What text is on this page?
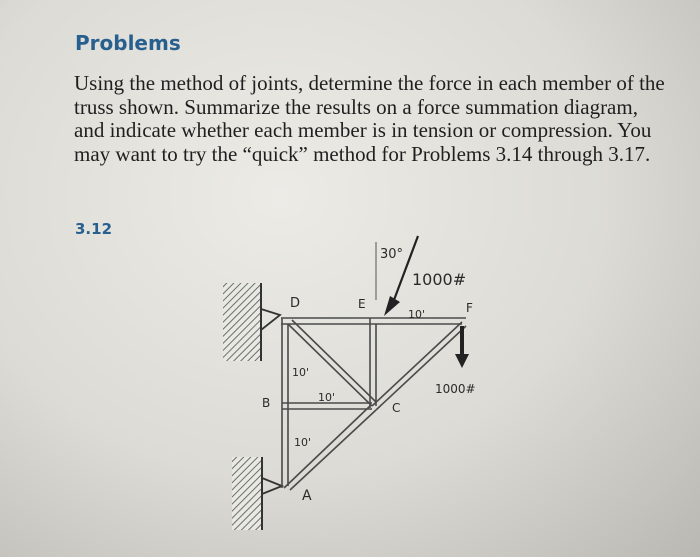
Problems

Using the method of joints, determine the force in each member of the truss shown. Summarize the results on a force summation diagram, and indicate whether each member is in tension or compression. You may want to try the “quick” method for Problems 3.14 through 3.17.

3.12

30°
1000#
1000#
D	E	F
B	C
A
10'
10'
10'
10'
